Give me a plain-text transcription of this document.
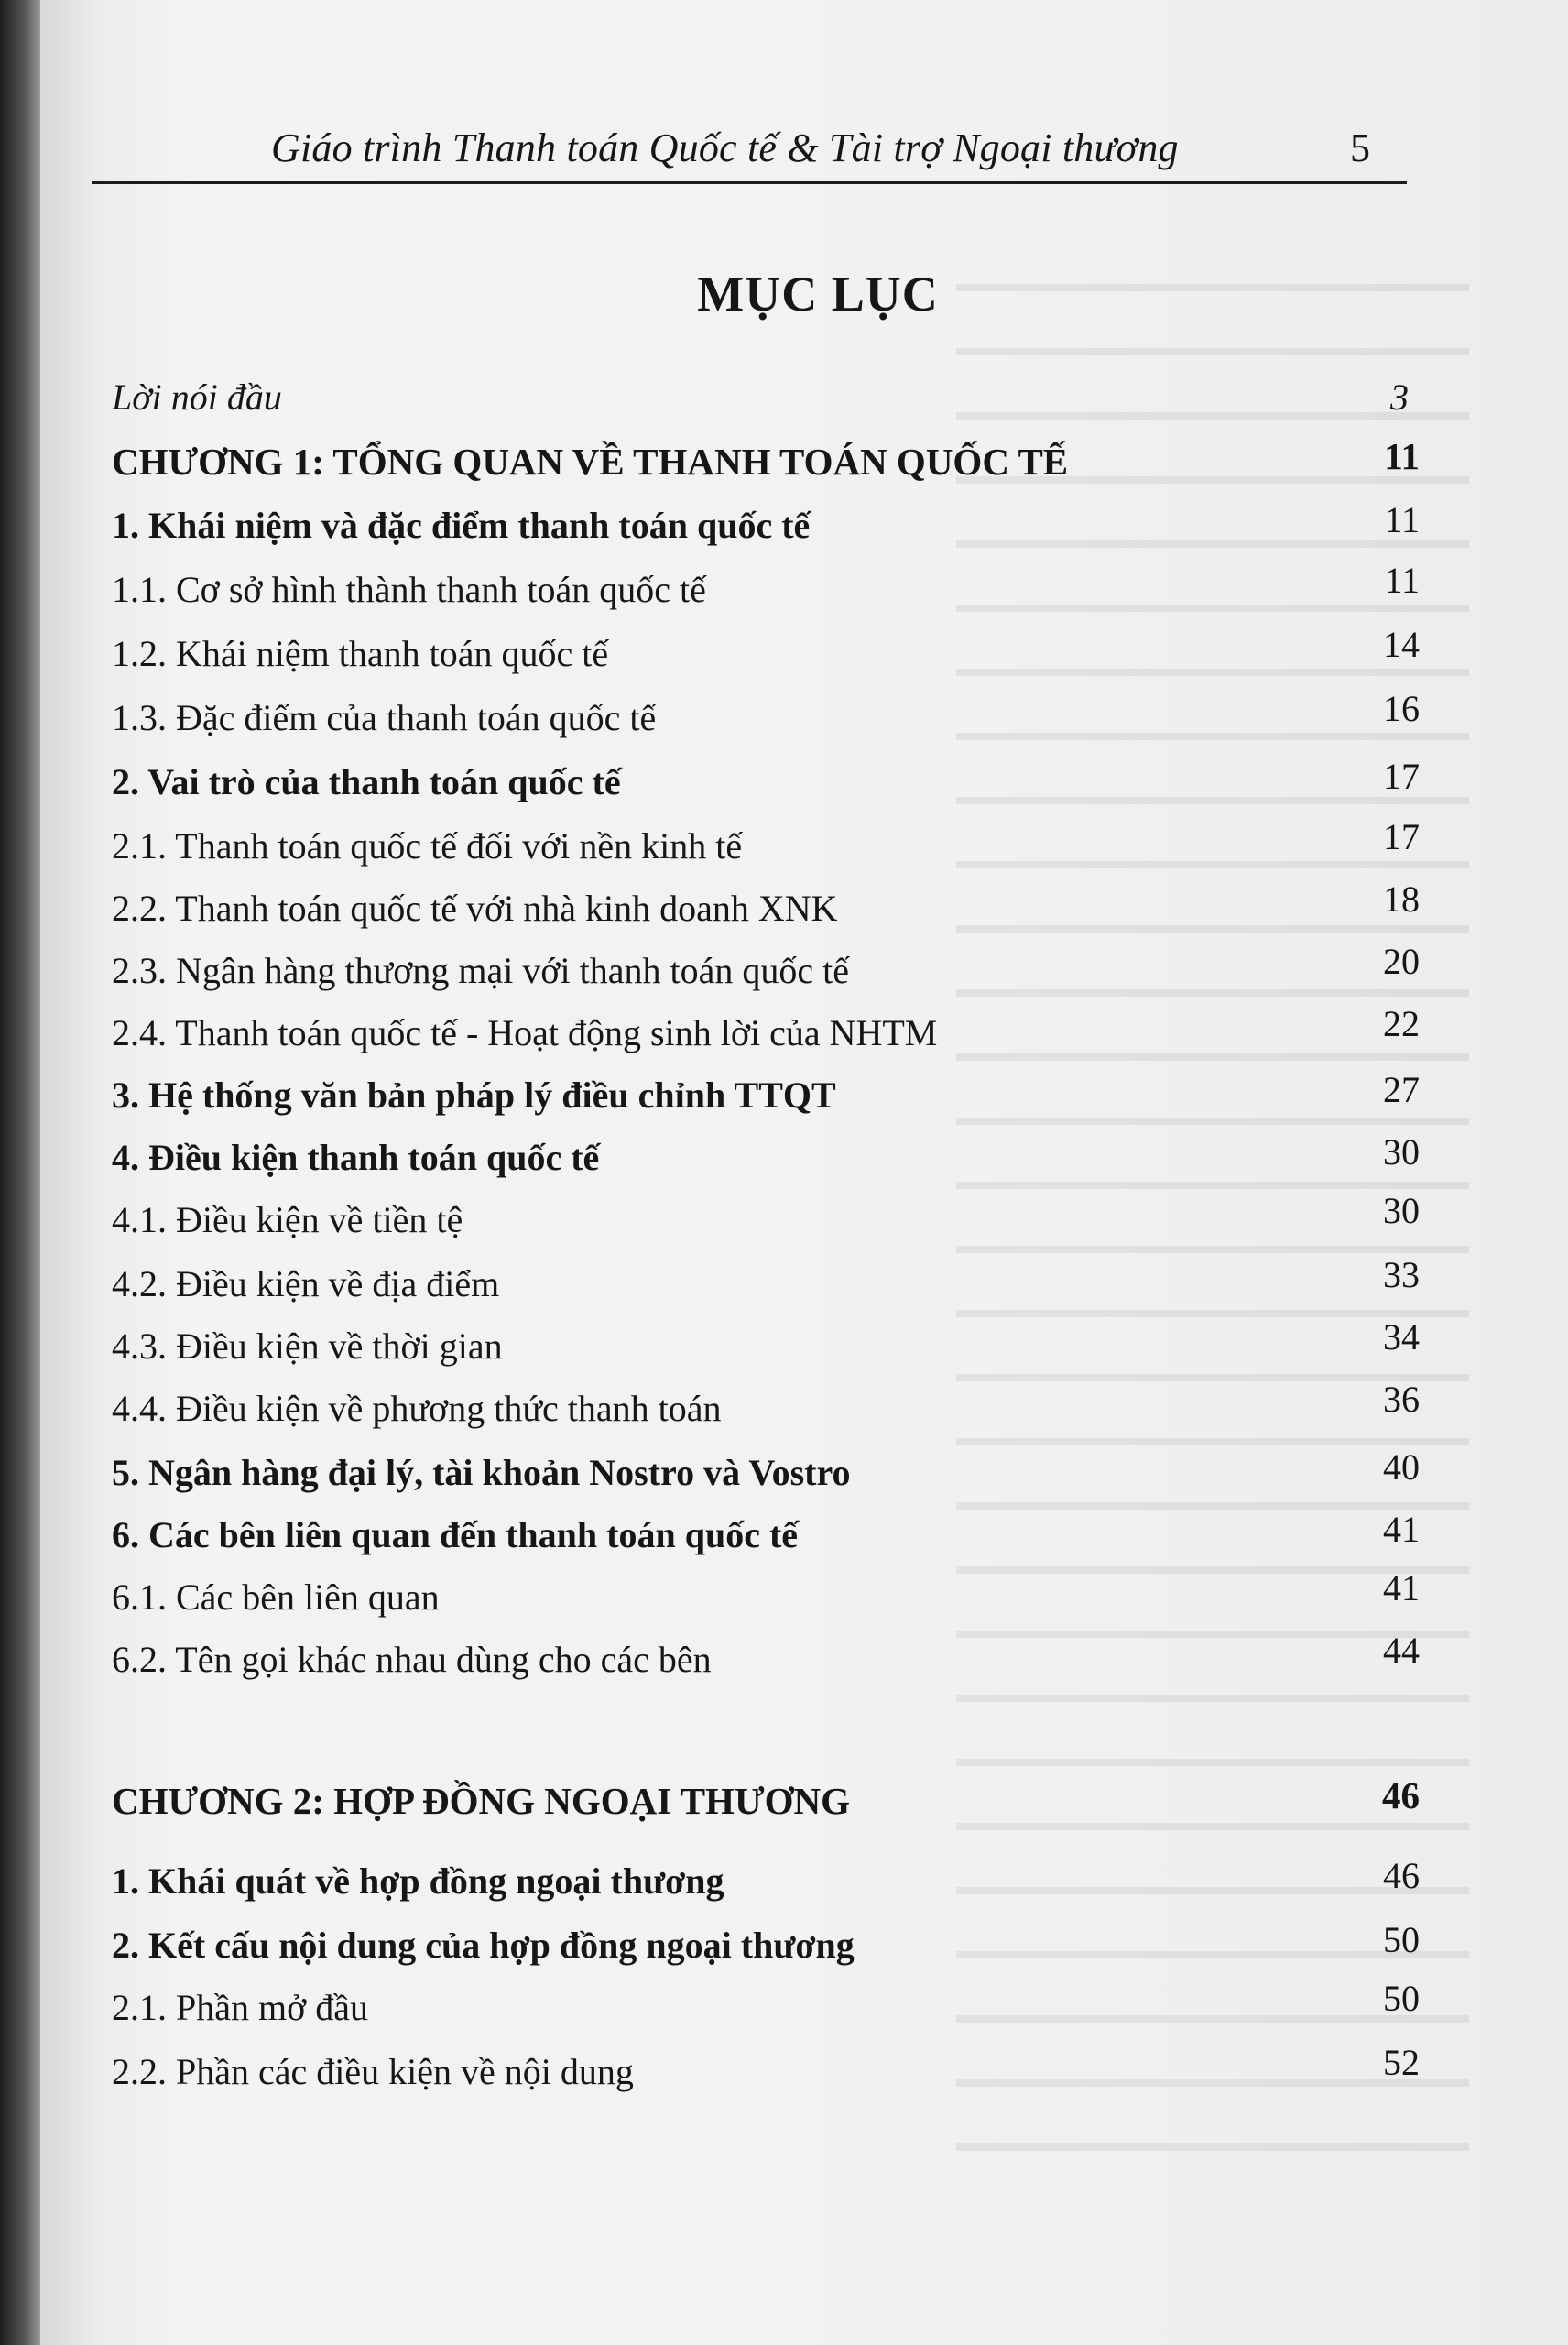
Giáo trình Thanh toán Quốc tế & Tài trợ Ngoại thương	5
MỤC LỤC
Lời nói đầu	3
CHƯƠNG 1: TỔNG QUAN VỀ THANH TOÁN QUỐC TẾ	11
1. Khái niệm và đặc điểm thanh toán quốc tế	11
1.1. Cơ sở hình thành thanh toán quốc tế	11
1.2. Khái niệm thanh toán quốc tế	14
1.3. Đặc điểm của thanh toán quốc tế	16
2. Vai trò của thanh toán quốc tế	17
2.1. Thanh toán quốc tế đối với nền kinh tế	17
2.2. Thanh toán quốc tế với nhà kinh doanh XNK	18
2.3. Ngân hàng thương mại với thanh toán quốc tế	20
2.4. Thanh toán quốc tế - Hoạt động sinh lời của NHTM	22
3. Hệ thống văn bản pháp lý điều chỉnh TTQT	27
4. Điều kiện thanh toán quốc tế	30
4.1. Điều kiện về tiền tệ	30
4.2. Điều kiện về địa điểm	33
4.3. Điều kiện về thời gian	34
4.4. Điều kiện về phương thức thanh toán	36
5. Ngân hàng đại lý, tài khoản Nostro và Vostro	40
6. Các bên liên quan đến thanh toán quốc tế	41
6.1. Các bên liên quan	41
6.2. Tên gọi khác nhau dùng cho các bên	44
CHƯƠNG 2: HỢP ĐỒNG NGOẠI THƯƠNG	46
1. Khái quát về hợp đồng ngoại thương	46
2. Kết cấu nội dung của hợp đồng ngoại thương	50
2.1. Phần mở đầu	50
2.2. Phần các điều kiện về nội dung	52
